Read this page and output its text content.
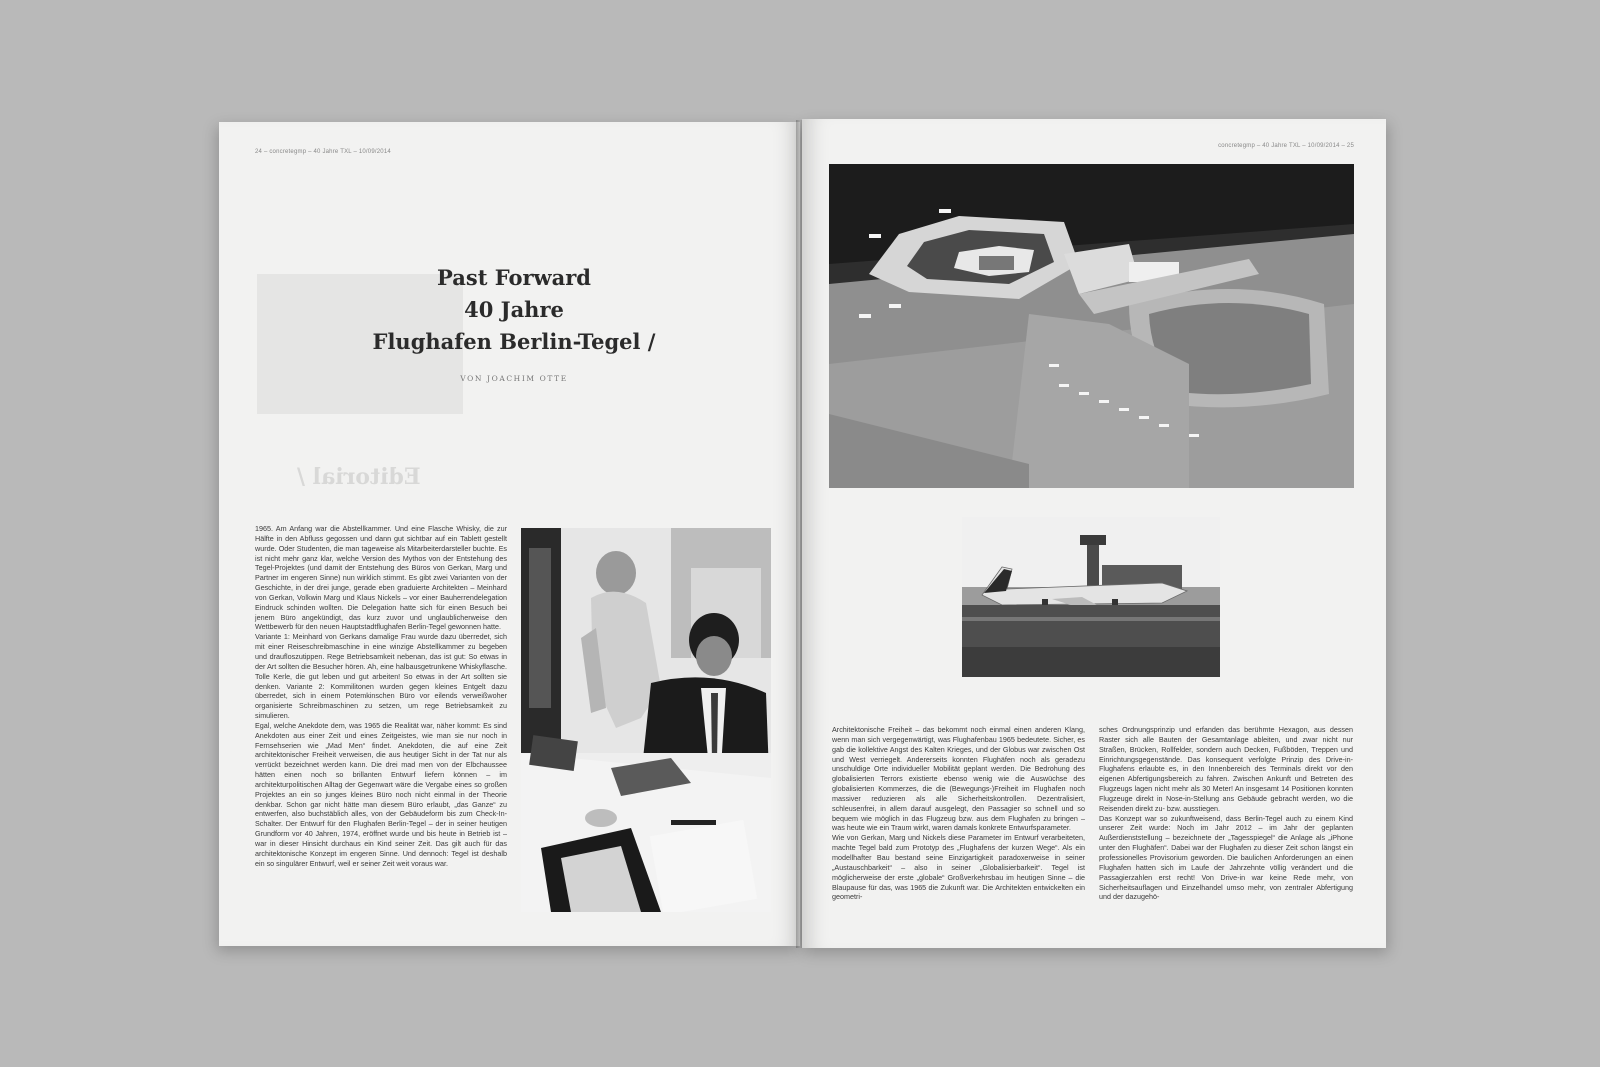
24 – concretegmp – 40 Jahre TXL – 10/09/2014
Editorial /
Past Forward
40 Jahre
Flughafen Berlin-Tegel /
VON JOACHIM OTTE

1965. Am Anfang war die Abstellkammer. Und eine Flasche Whisky, die zur Hälfte in den Abfluss gegossen und dann gut sichtbar auf ein Tablett gestellt wurde. Oder Studenten, die man tageweise als Mitarbeiterdarsteller buchte. Es ist nicht mehr ganz klar, welche Version des Mythos von der Entstehung des Tegel-Projektes (und damit der Entstehung des Büros von Gerkan, Marg und Partner im engeren Sinne) nun wirklich stimmt. Es gibt zwei Varianten von der Geschichte, in der drei junge, gerade eben graduierte Architekten – Meinhard von Gerkan, Volkwin Marg und Klaus Nickels – vor einer Bauherrendelegation Eindruck schinden wollten. Die Delegation hatte sich für einen Besuch bei jenem Büro angekündigt, das kurz zuvor und unglaublicherweise den Wettbewerb für den neuen Hauptstadtflughafen Berlin-Tegel gewonnen hatte.

Variante 1: Meinhard von Gerkans damalige Frau wurde dazu überredet, sich mit einer Reiseschreibmaschine in eine winzige Abstellkammer zu begeben und draufloszutippen. Rege Betriebsamkeit nebenan, das ist gut: So etwas in der Art sollten die Besucher hören. Ah, eine halbausgetrunkene Whiskyflasche. Tolle Kerle, die gut leben und gut arbeiten! So etwas in der Art sollten sie denken. Variante 2: Kommilitonen wurden gegen kleines Entgelt dazu überredet, sich in einem Potemkinschen Büro vor eilends verweißwoher organisierte Schreibmaschinen zu setzen, um rege Betriebsamkeit zu simulieren.

Egal, welche Anekdote dem, was 1965 die Realität war, näher kommt: Es sind Anekdoten aus einer Zeit und eines Zeitgeistes, wie man sie nur noch in Fernsehserien wie „Mad Men“ findet. Anekdoten, die auf eine Zeit architektonischer Freiheit verweisen, die aus heutiger Sicht in der Tat nur als verrückt bezeichnet werden kann. Die drei mad men von der Elbchaussee hätten einen noch so brillanten Entwurf liefern können – im architekturpolitischen Alltag der Gegenwart wäre die Vergabe eines so großen Projektes an ein so junges kleines Büro noch nicht einmal in der Theorie denkbar. Schon gar nicht hätte man diesem Büro erlaubt, „das Ganze“ zu entwerfen, also buchstäblich alles, von der Gebäudeform bis zum Check-In-Schalter. Der Entwurf für den Flughafen Berlin-Tegel – der in seiner heutigen Grundform vor 40 Jahren, 1974, eröffnet wurde und bis heute in Betrieb ist – war in dieser Hinsicht durchaus ein Kind seiner Zeit. Das gilt auch für das architektonische Konzept im engeren Sinne. Und dennoch: Tegel ist deshalb ein so singulärer Entwurf, weil er seiner Zeit weit voraus war.

concretegmp – 40 Jahre TXL – 10/09/2014 – 25

Architektonische Freiheit – das bekommt noch einmal einen anderen Klang, wenn man sich vergegenwärtigt, was Flughafenbau 1965 bedeutete. Sicher, es gab die kollektive Angst des Kalten Krieges, und der Globus war zwischen Ost und West verriegelt. Andererseits konnten Flughäfen noch als geradezu unschuldige Orte individueller Mobilität geplant werden. Die Bedrohung des globalisierten Terrors existierte ebenso wenig wie die Auswüchse des globalisierten Kommerzes, die die (Bewegungs-)Freiheit im Flughafen noch massiver reduzieren als alle Sicherheitskontrollen. Dezentralisiert, schleusenfrei, in allem darauf ausgelegt, den Passagier so schnell und so bequem wie möglich in das Flugzeug bzw. aus dem Flughafen zu bringen – was heute wie ein Traum wirkt, waren damals konkrete Entwurfsparameter.

Wie von Gerkan, Marg und Nickels diese Parameter im Entwurf verarbeiteten, machte Tegel bald zum Prototyp des „Flughafens der kurzen Wege“. Als ein modellhafter Bau bestand seine Einzigartigkeit paradoxerweise in seiner „Austauschbarkeit“ – also in seiner „Globalisierbarkeit“. Tegel ist möglicherweise der erste „globale“ Großverkehrsbau im heutigen Sinne – die Blaupause für das, was 1965 die Zukunft war. Die Architekten entwickelten ein geometri-

sches Ordnungsprinzip und erfanden das berühmte Hexagon, aus dessen Raster sich alle Bauten der Gesamtanlage ableiten, und zwar nicht nur Straßen, Brücken, Rollfelder, sondern auch Decken, Fußböden, Treppen und Einrichtungsgegenstände. Das konsequent verfolgte Prinzip des Drive-in-Flughafens erlaubte es, in den Innenbereich des Terminals direkt vor den eigenen Abfertigungsbereich zu fahren. Zwischen Ankunft und Betreten des Flugzeugs lagen nicht mehr als 30 Meter! An insgesamt 14 Positionen konnten Flugzeuge direkt in Nose-in-Stellung ans Gebäude gebracht werden, wo die Reisenden direkt zu- bzw. ausstiegen.

Das Konzept war so zukunftweisend, dass Berlin-Tegel auch zu einem Kind unserer Zeit wurde: Noch im Jahr 2012 – im Jahr der geplanten Außerdienststellung – bezeichnete der „Tagesspiegel“ die Anlage als „iPhone unter den Flughäfen“. Dabei war der Flughafen zu dieser Zeit schon längst ein professionelles Provisorium geworden. Die baulichen Anforderungen an einen Flughafen hatten sich im Laufe der Jahrzehnte völlig verändert und die Passagierzahlen erst recht! Von Drive-in war keine Rede mehr, von Sicherheitsauflagen und Einzelhandel umso mehr, von zentraler Abfertigung und der dazugehö-
